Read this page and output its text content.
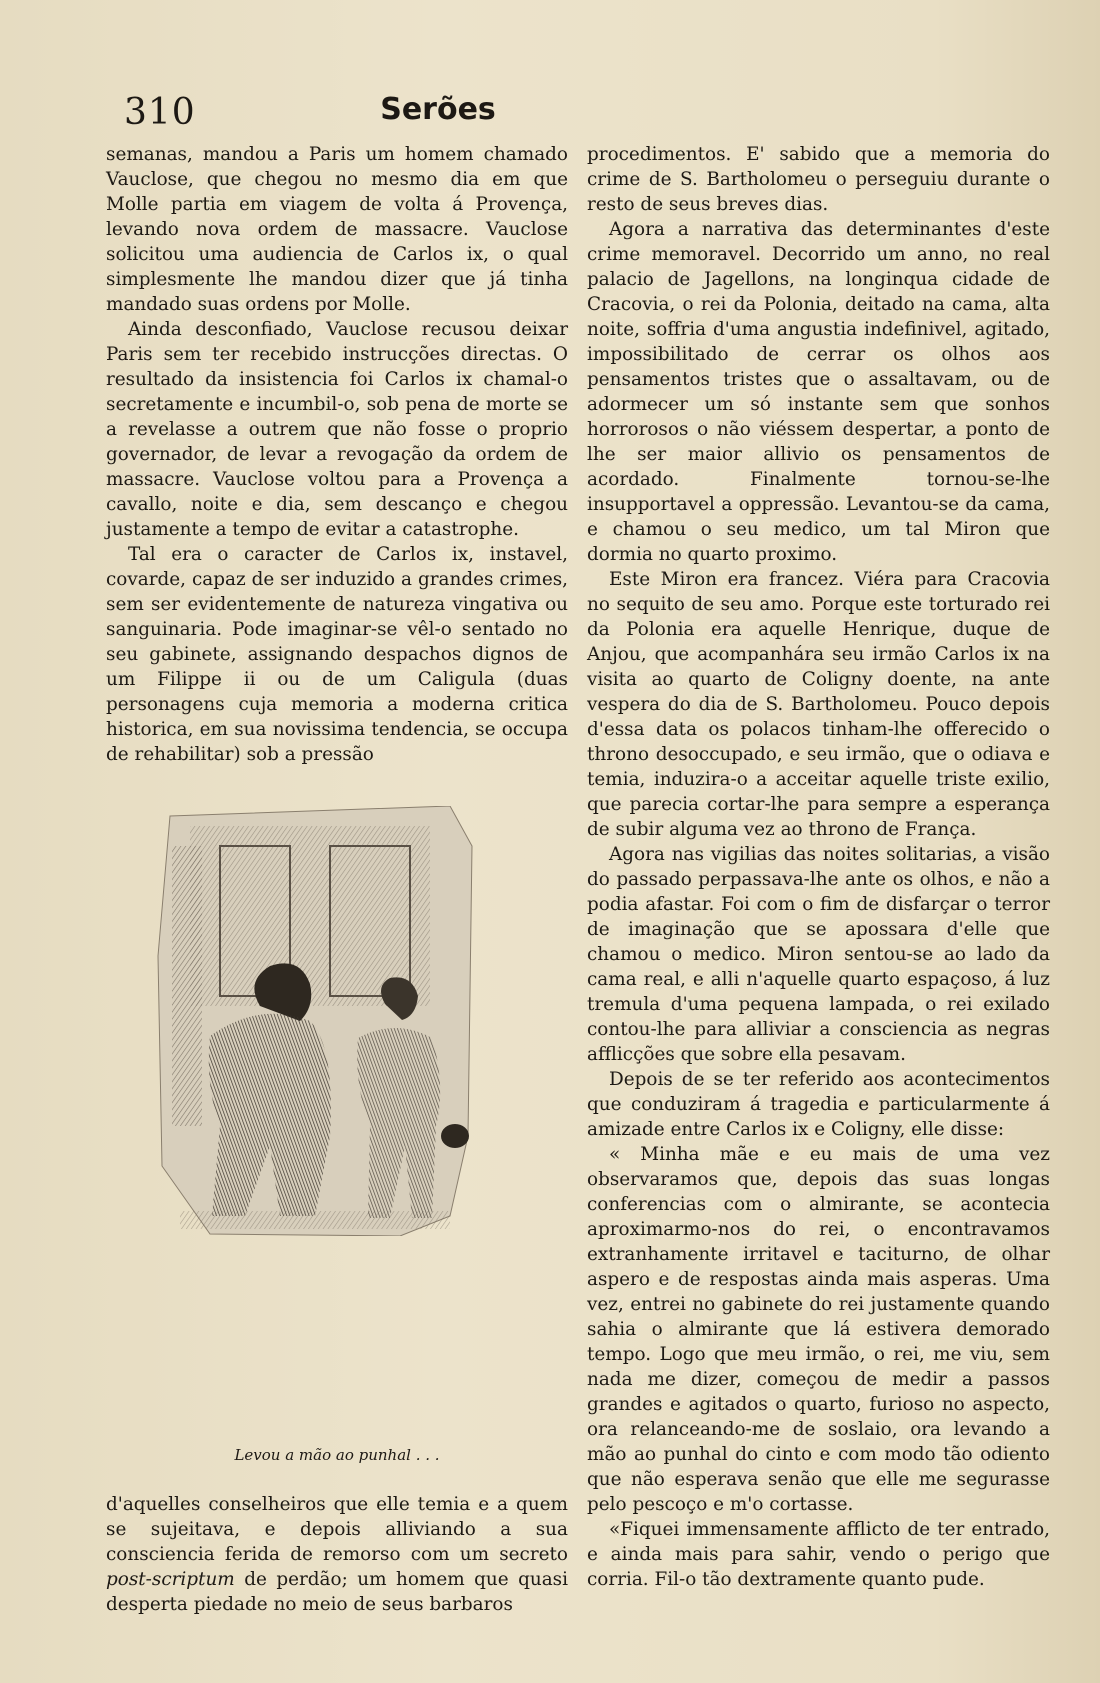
310	Serões

semanas, mandou a Paris um homem chamado Vauclose, que chegou no mesmo dia em que Molle partia em viagem de volta á Provença, levando nova ordem de massacre. Vauclose solicitou uma audiencia de Carlos ix, o qual simplesmente lhe mandou dizer que já tinha mandado suas ordens por Molle.

Ainda desconfiado, Vauclose recusou deixar Paris sem ter recebido instrucções directas. O resultado da insistencia foi Carlos ix chamal-o secretamente e incumbil-o, sob pena de morte se a revelasse a outrem que não fosse o proprio governador, de levar a revogação da ordem de massacre. Vauclose voltou para a Provença a cavallo, noite e dia, sem descanço e chegou justamente a tempo de evitar a catastrophe.

Tal era o caracter de Carlos ix, instavel, covarde, capaz de ser induzido a grandes crimes, sem ser evidentemente de natureza vingativa ou sanguinaria. Pode imaginar-se vêl-o sentado no seu gabinete, assignando despachos dignos de um Filippe ii ou de um Caligula (duas personagens cuja memoria a moderna critica historica, em sua novissima tendencia, se occupa de rehabilitar) sob a pressão

Levou a mão ao punhal . . .

d'aquelles conselheiros que elle temia e a quem se sujeitava, e depois alliviando a sua consciencia ferida de remorso com um secreto post-scriptum de perdão; um homem que quasi desperta piedade no meio de seus barbaros

procedimentos. E' sabido que a memoria do crime de S. Bartholomeu o perseguiu durante o resto de seus breves dias.

Agora a narrativa das determinantes d'este crime memoravel. Decorrido um anno, no real palacio de Jagellons, na longinqua cidade de Cracovia, o rei da Polonia, deitado na cama, alta noite, soffria d'uma angustia indefinivel, agitado, impossibilitado de cerrar os olhos aos pensamentos tristes que o assaltavam, ou de adormecer um só instante sem que sonhos horrorosos o não viéssem despertar, a ponto de lhe ser maior allivio os pensamentos de acordado. Finalmente tornou-se-lhe insupportavel a oppressão. Levantou-se da cama, e chamou o seu medico, um tal Miron que dormia no quarto proximo.

Este Miron era francez. Viéra para Cracovia no sequito de seu amo. Porque este torturado rei da Polonia era aquelle Henrique, duque de Anjou, que acompanhára seu irmão Carlos ix na visita ao quarto de Coligny doente, na ante vespera do dia de S. Bartholomeu. Pouco depois d'essa data os polacos tinham-lhe offerecido o throno desoccupado, e seu irmão, que o odiava e temia, induzira-o a acceitar aquelle triste exilio, que parecia cortar-lhe para sempre a esperança de subir alguma vez ao throno de França.

Agora nas vigilias das noites solitarias, a visão do passado perpassava-lhe ante os olhos, e não a podia afastar. Foi com o fim de disfarçar o terror de imaginação que se apossara d'elle que chamou o medico. Miron sentou-se ao lado da cama real, e alli n'aquelle quarto espaçoso, á luz tremula d'uma pequena lampada, o rei exilado contou-lhe para alliviar a consciencia as negras afflicções que sobre ella pesavam.

Depois de se ter referido aos acontecimentos que conduziram á tragedia e particularmente á amizade entre Carlos ix e Coligny, elle disse:

« Minha mãe e eu mais de uma vez observaramos que, depois das suas longas conferencias com o almirante, se acontecia aproximarmo-nos do rei, o encontravamos extranhamente irritavel e taciturno, de olhar aspero e de respostas ainda mais asperas. Uma vez, entrei no gabinete do rei justamente quando sahia o almirante que lá estivera demorado tempo. Logo que meu irmão, o rei, me viu, sem nada me dizer, começou de medir a passos grandes e agitados o quarto, furioso no aspecto, ora relanceando-me de soslaio, ora levando a mão ao punhal do cinto e com modo tão odiento que não esperava senão que elle me segurasse pelo pescoço e m'o cortasse.

«Fiquei immensamente afflicto de ter entrado, e ainda mais para sahir, vendo o perigo que corria. Fil-o tão dextramente quanto pude.
